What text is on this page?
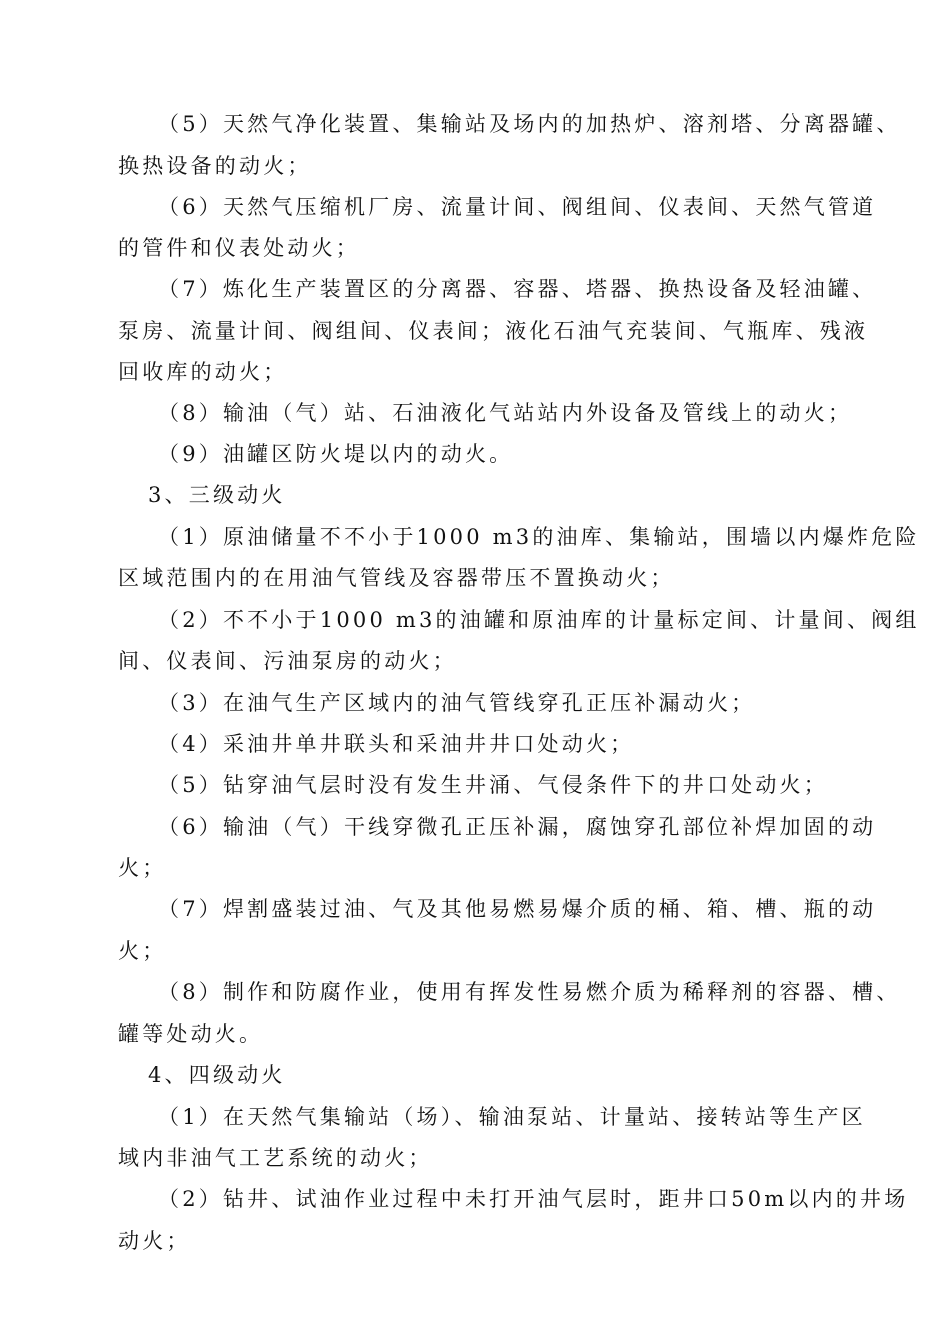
（5）天然气净化装置、集输站及场内的加热炉、溶剂塔、分离器罐、

换热设备的动火；

（6）天然气压缩机厂房、流量计间、阀组间、仪表间、天然气管道

的管件和仪表处动火；

（7）炼化生产装置区的分离器、容器、塔器、换热设备及轻油罐、

泵房、流量计间、阀组间、仪表间；液化石油气充装间、气瓶库、残液

回收库的动火；

（8）输油（气）站、石油液化气站站内外设备及管线上的动火；

（9）油罐区防火堤以内的动火。

3、三级动火

（1）原油储量不不小于1000 m3的油库、集输站，围墙以内爆炸危险

区域范围内的在用油气管线及容器带压不置换动火；

（2）不不小于1000 m3的油罐和原油库的计量标定间、计量间、阀组

间、仪表间、污油泵房的动火；

（3）在油气生产区域内的油气管线穿孔正压补漏动火；

（4）采油井单井联头和采油井井口处动火；

（5）钻穿油气层时没有发生井涌、气侵条件下的井口处动火；

（6）输油（气）干线穿微孔正压补漏，腐蚀穿孔部位补焊加固的动

火；

（7）焊割盛装过油、气及其他易燃易爆介质的桶、箱、槽、瓶的动

火；

（8）制作和防腐作业，使用有挥发性易燃介质为稀释剂的容器、槽、

罐等处动火。

4、四级动火

（1）在天然气集输站（场）、输油泵站、计量站、接转站等生产区

域内非油气工艺系统的动火；

（2）钻井、试油作业过程中未打开油气层时，距井口50m以内的井场

动火；
